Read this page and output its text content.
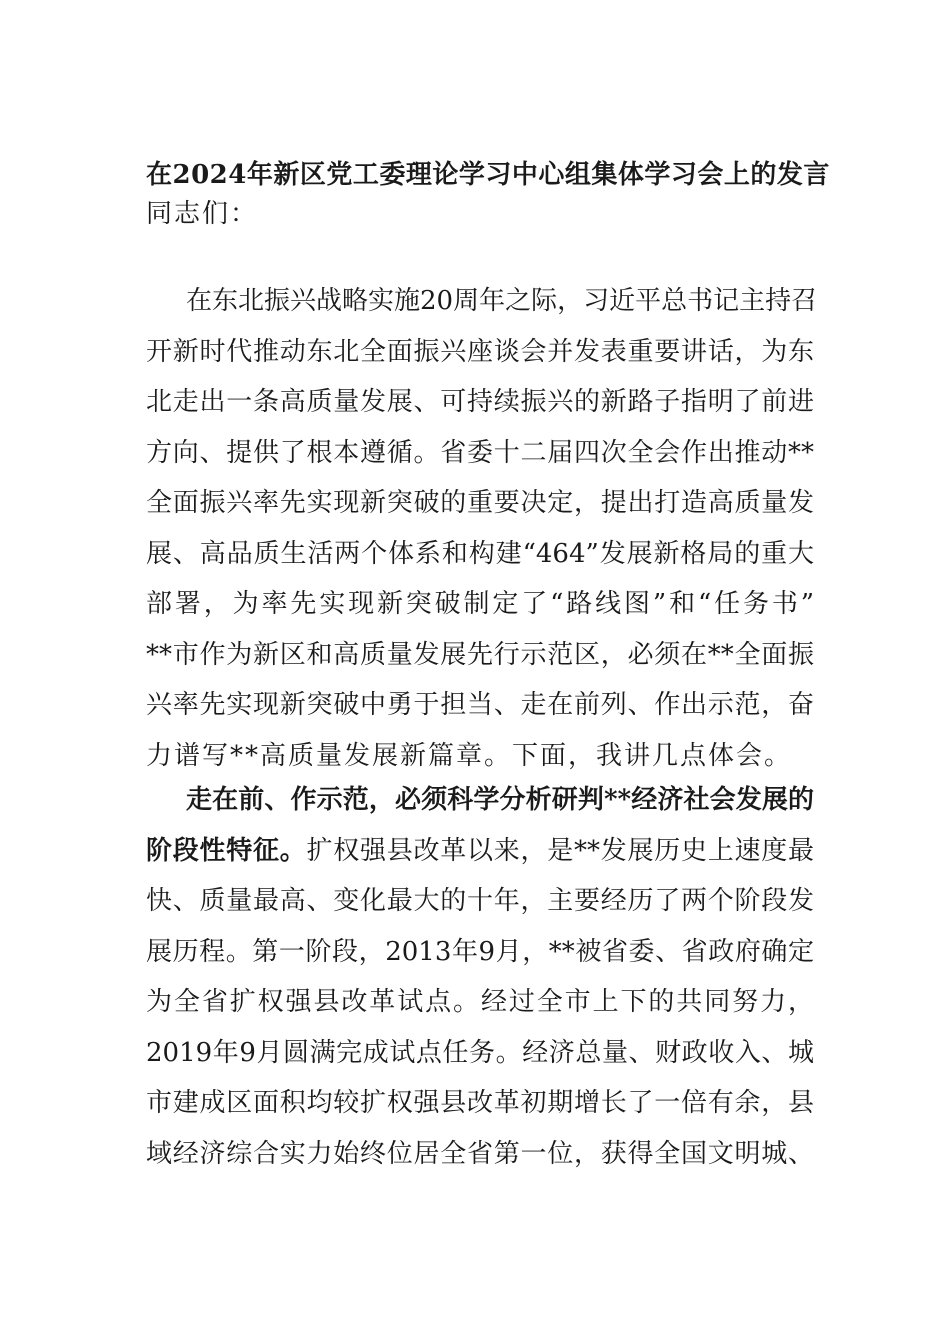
在2024年新区党工委理论学习中心组集体学习会上的发言
同志们：
在东北振兴战略实施20周年之际，习近平总书记主持召
开新时代推动东北全面振兴座谈会并发表重要讲话，为东
北走出一条高质量发展、可持续振兴的新路子指明了前进
方向、提供了根本遵循。省委十二届四次全会作出推动**
全面振兴率先实现新突破的重要决定，提出打造高质量发
展、高品质生活两个体系和构建“464”发展新格局的重大
部署，为率先实现新突破制定了“路线图”和“任务书”
**市作为新区和高质量发展先行示范区，必须在**全面振
兴率先实现新突破中勇于担当、走在前列、作出示范，奋
力谱写**高质量发展新篇章。下面，我讲几点体会。
走在前、作示范，必须科学分析研判**经济社会发展的
阶段性特征。扩权强县改革以来，是**发展历史上速度最
快、质量最高、变化最大的十年，主要经历了两个阶段发
展历程。第一阶段，2013年9月，**被省委、省政府确定
为全省扩权强县改革试点。经过全市上下的共同努力，
2019年9月圆满完成试点任务。经济总量、财政收入、城
市建成区面积均较扩权强县改革初期增长了一倍有余，县
域经济综合实力始终位居全省第一位，获得全国文明城、
